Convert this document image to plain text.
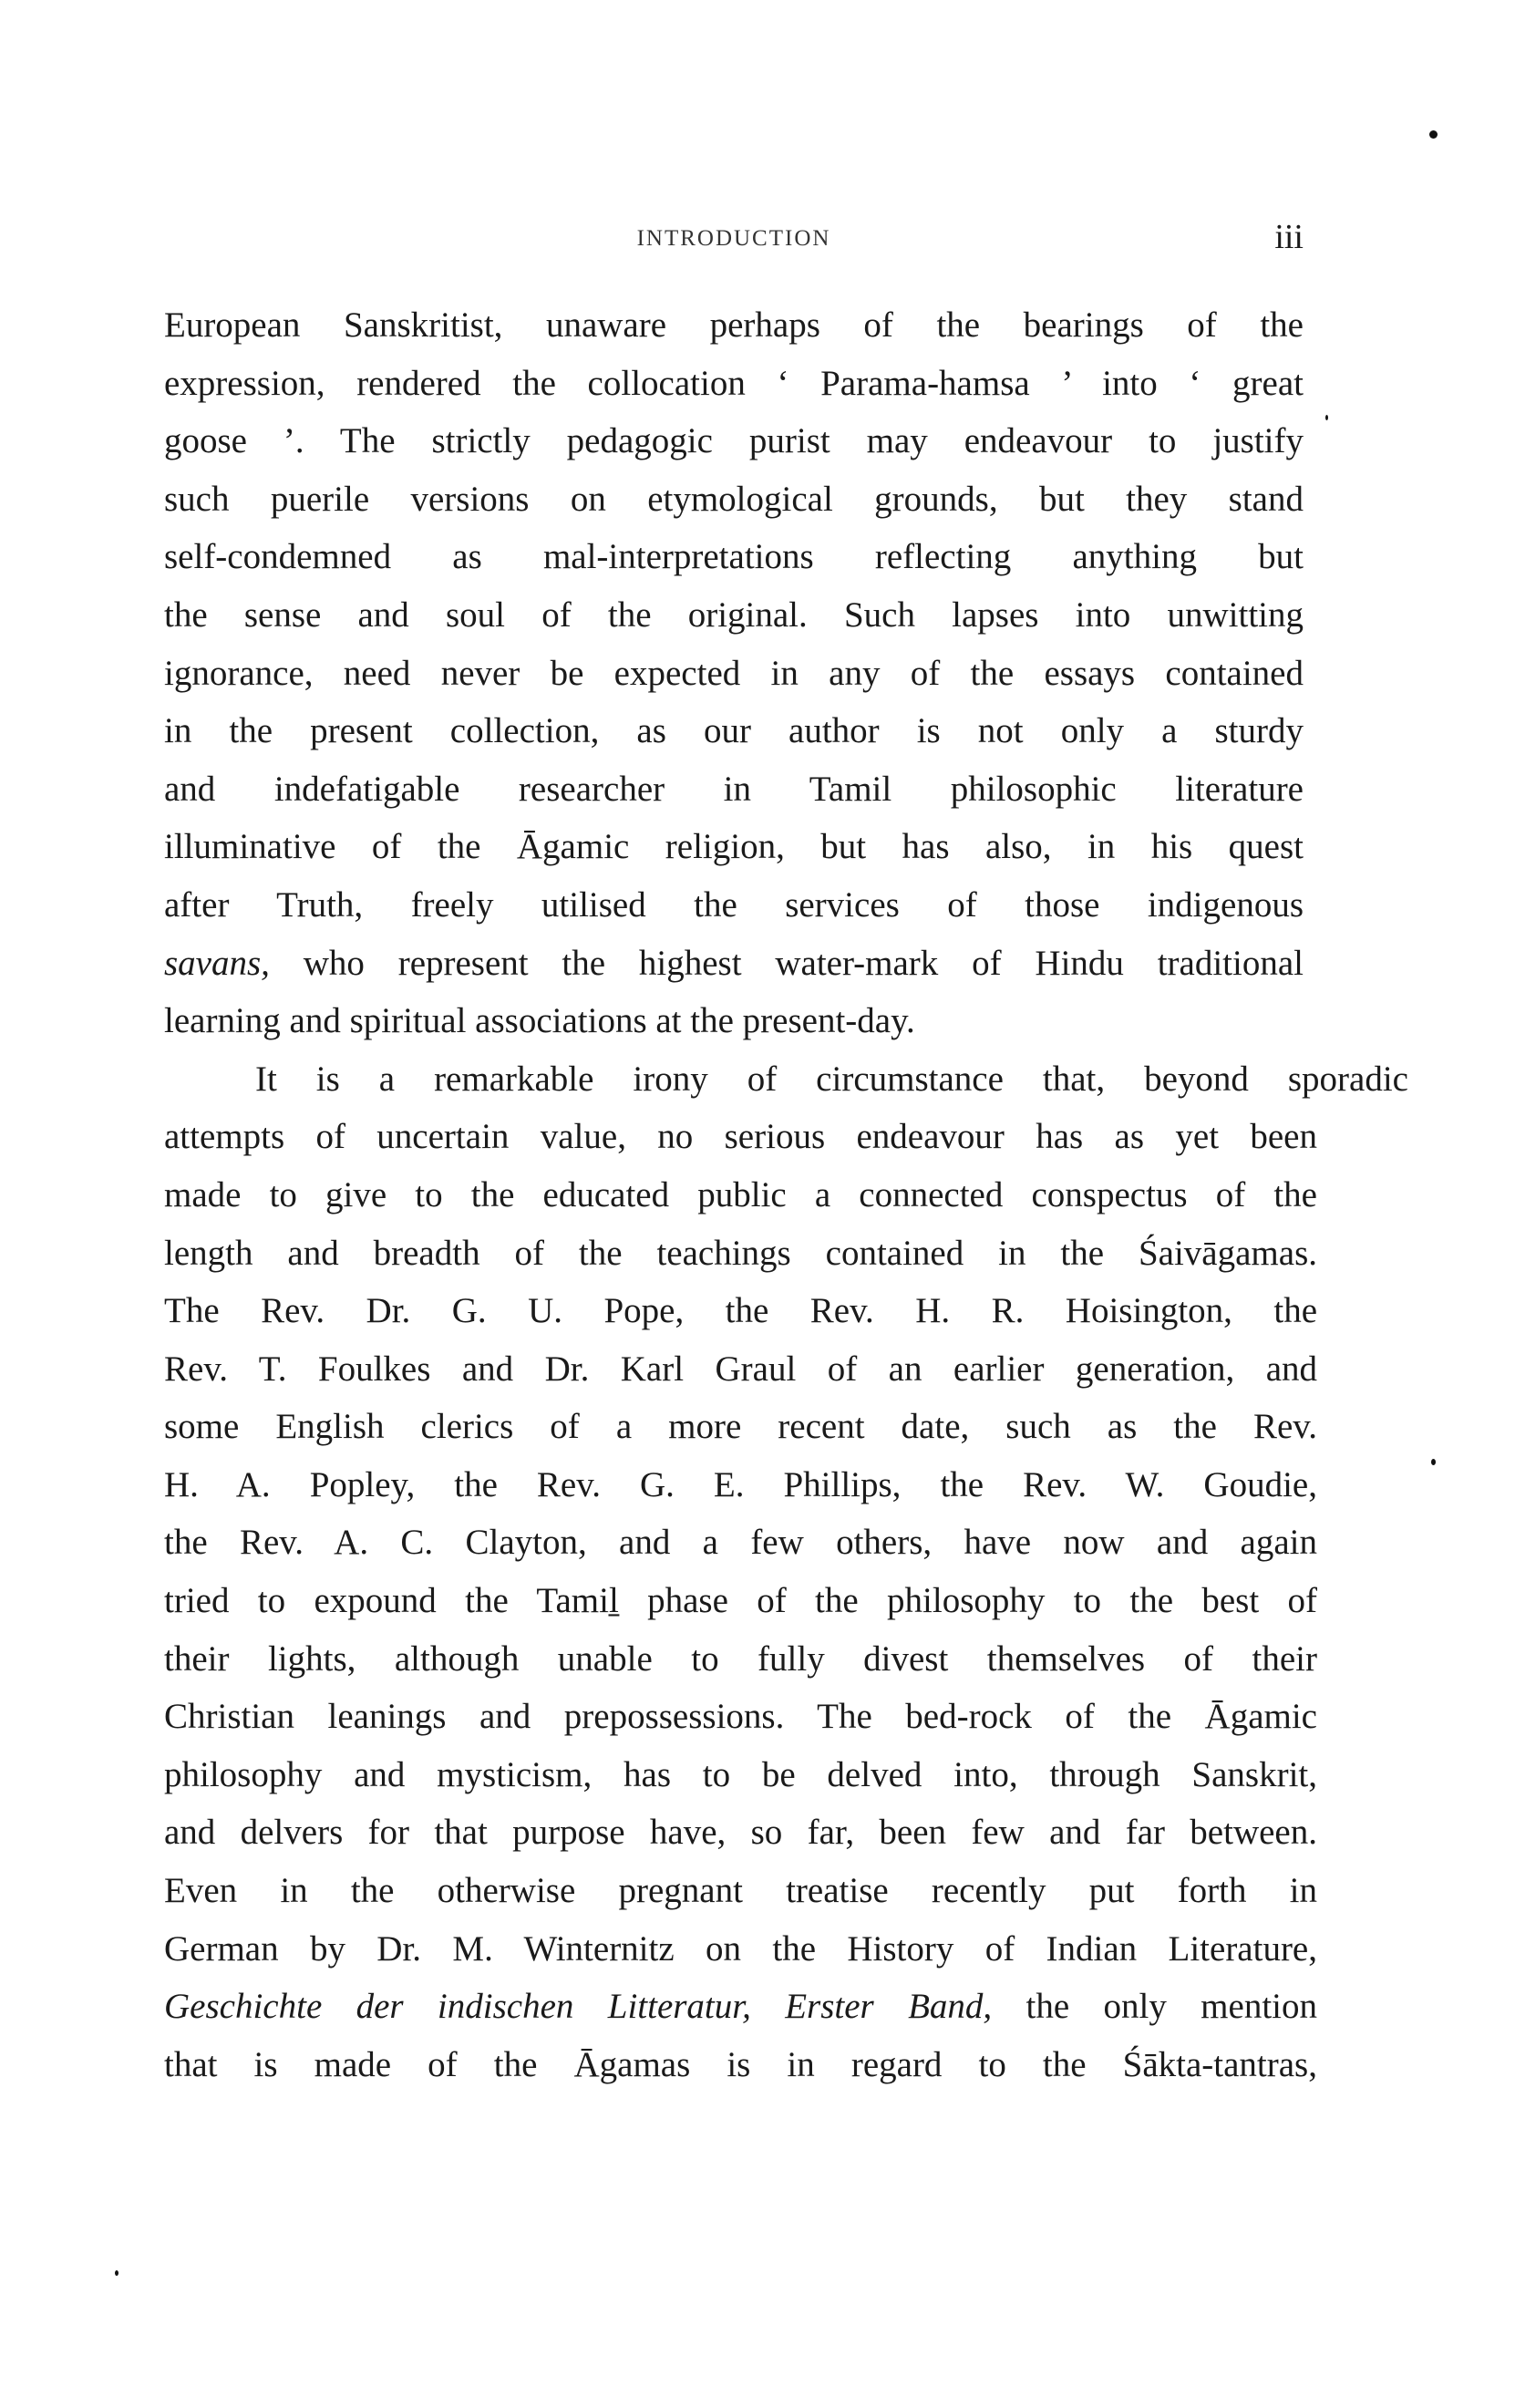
INTRODUCTION	iii
European Sanskritist, unaware perhaps of the bearings of the
expression, rendered the collocation ‘ Parama-hamsa ’ into ‘ great
goose ’. The strictly pedagogic purist may endeavour to justify
such puerile versions on etymological grounds, but they stand
self-condemned as mal-interpretations reflecting anything but
the sense and soul of the original. Such lapses into unwitting
ignorance, need never be expected in any of the essays contained
in the present collection, as our author is not only a sturdy
and indefatigable researcher in Tamil philosophic literature
illuminative of the Āgamic religion, but has also, in his quest
after Truth, freely utilised the services of those indigenous
savans, who represent the highest water-mark of Hindu traditional
learning and spiritual associations at the present-day.
It is a remarkable irony of circumstance that, beyond sporadic
attempts of uncertain value, no serious endeavour has as yet been
made to give to the educated public a connected conspectus of the
length and breadth of the teachings contained in the Śaivāgamas.
The Rev. Dr. G. U. Pope, the Rev. H. R. Hoisington, the
Rev. T. Foulkes and Dr. Karl Graul of an earlier generation, and
some English clerics of a more recent date, such as the Rev.
H. A. Popley, the Rev. G. E. Phillips, the Rev. W. Goudie,
the Rev. A. C. Clayton, and a few others, have now and again
tried to expound the Tamiḻ phase of the philosophy to the best of
their lights, although unable to fully divest themselves of their
Christian leanings and prepossessions. The bed-rock of the Āgamic
philosophy and mysticism, has to be delved into, through Sanskrit,
and delvers for that purpose have, so far, been few and far between.
Even in the otherwise pregnant treatise recently put forth in
German by Dr. M. Winternitz on the History of Indian Literature,
Geschichte der indischen Litteratur, Erster Band, the only mention
that is made of the Āgamas is in regard to the Śākta-tantras,
